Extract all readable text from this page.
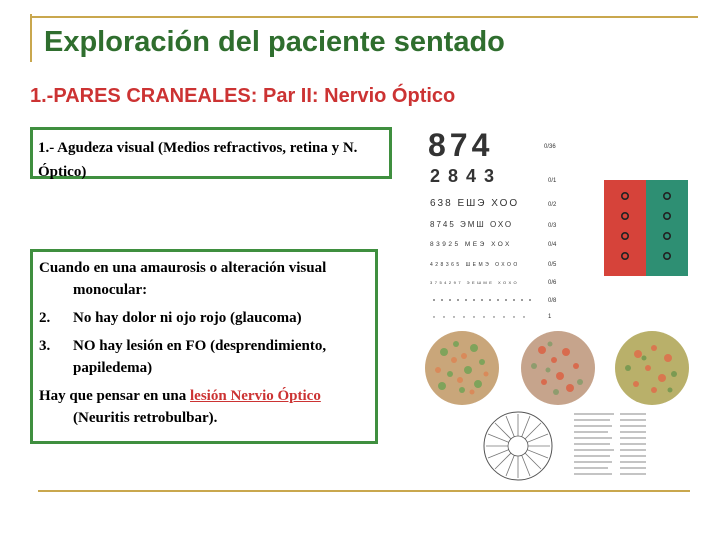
Exploración del paciente sentado
1.-PARES CRANEALES: Par II: Nervio Óptico
1.- Agudeza visual (Medios refractivos, retina y N. Óptico)

Cuando en una amaurosis o alteración visual monocular:

2. No hay dolor ni ojo rojo (glaucoma)

3. NO hay lesión en FO (desprendimiento, papiledema)

Hay que pensar en una lesión Nervio Óptico (Neuritis retrobulbar).

874	0/36
2843	0/1
638 ЕШЭ ХОО	0/2
8745 ЭМШ ОХО	0/3
83925 МЕЭ ХОХ	0/4
428365 ШЕМЭ ОХОО	0/5
3754297 ЭЕШМЕ ХОХО	0/6
0/8
1
